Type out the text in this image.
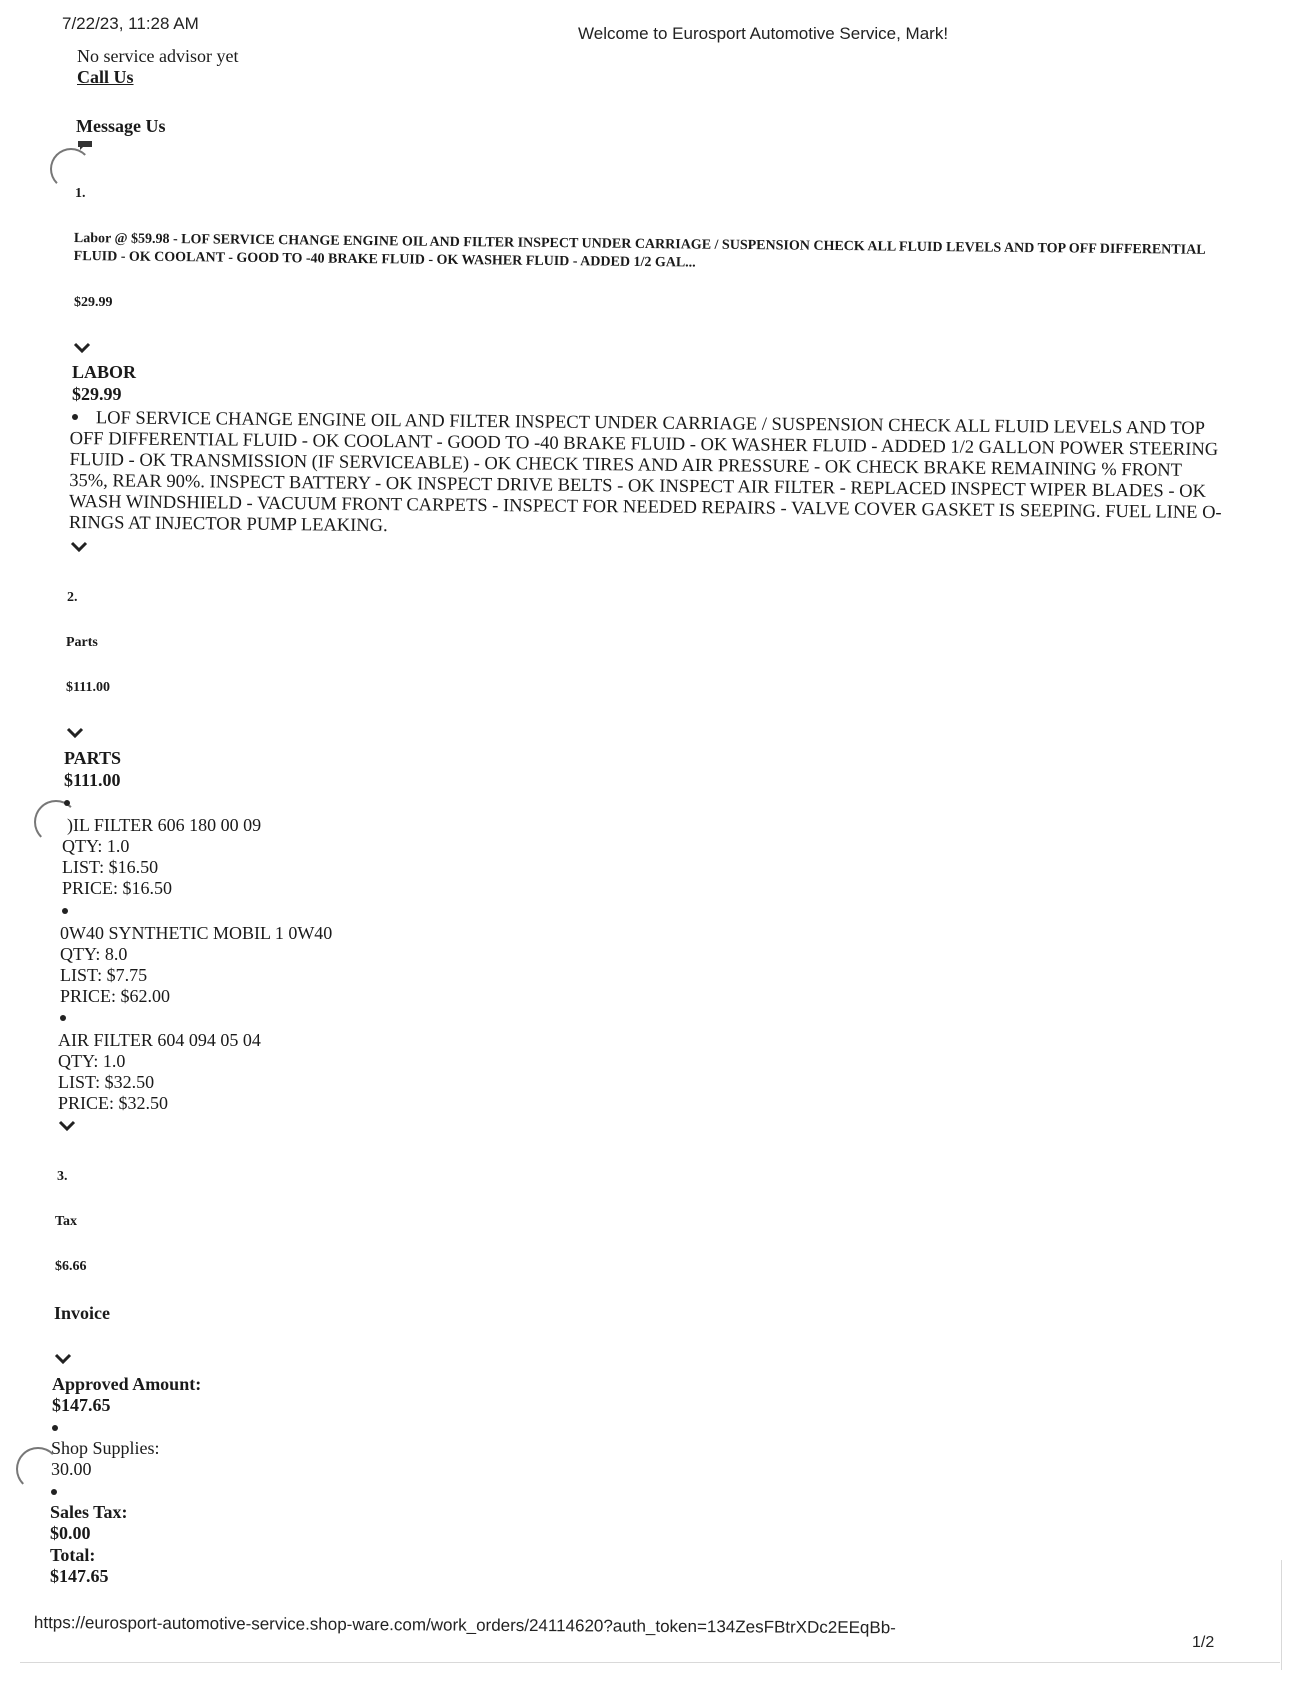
7/22/23, 11:28 AM
Welcome to Eurosport Automotive Service, Mark!
No service advisor yet
Call Us
Message Us
1.
Labor @ $59.98 - LOF SERVICE CHANGE ENGINE OIL AND FILTER INSPECT UNDER CARRIAGE / SUSPENSION CHECK ALL FLUID LEVELS AND TOP OFF DIFFERENTIAL FLUID - OK COOLANT - GOOD TO -40 BRAKE FLUID - OK WASHER FLUID - ADDED 1/2 GAL...
$29.99
LABOR
$29.99
LOF SERVICE CHANGE ENGINE OIL AND FILTER INSPECT UNDER CARRIAGE / SUSPENSION CHECK ALL FLUID LEVELS AND TOP OFF DIFFERENTIAL FLUID - OK COOLANT - GOOD TO -40 BRAKE FLUID - OK WASHER FLUID - ADDED 1/2 GALLON POWER STEERING FLUID - OK TRANSMISSION (IF SERVICEABLE) - OK CHECK TIRES AND AIR PRESSURE - OK CHECK BRAKE REMAINING % FRONT 35%, REAR 90%. INSPECT BATTERY - OK INSPECT DRIVE BELTS - OK INSPECT AIR FILTER - REPLACED INSPECT WIPER BLADES - OK WASH WINDSHIELD - VACUUM FRONT CARPETS - INSPECT FOR NEEDED REPAIRS - VALVE COVER GASKET IS SEEPING. FUEL LINE O-RINGS AT INJECTOR PUMP LEAKING.
2.
Parts
$111.00
PARTS
$111.00
)IL FILTER 606 180 00 09
QTY: 1.0
LIST: $16.50
PRICE: $16.50
0W40 SYNTHETIC MOBIL 1 0W40
QTY: 8.0
LIST: $7.75
PRICE: $62.00
AIR FILTER 604 094 05 04
QTY: 1.0
LIST: $32.50
PRICE: $32.50
3.
Tax
$6.66
Invoice
Approved Amount:
$147.65
Shop Supplies:
30.00
Sales Tax:
$0.00
Total:
$147.65
https://eurosport-automotive-service.shop-ware.com/work_orders/24114620?auth_token=134ZesFBtrXDc2EEqBb-
1/2
